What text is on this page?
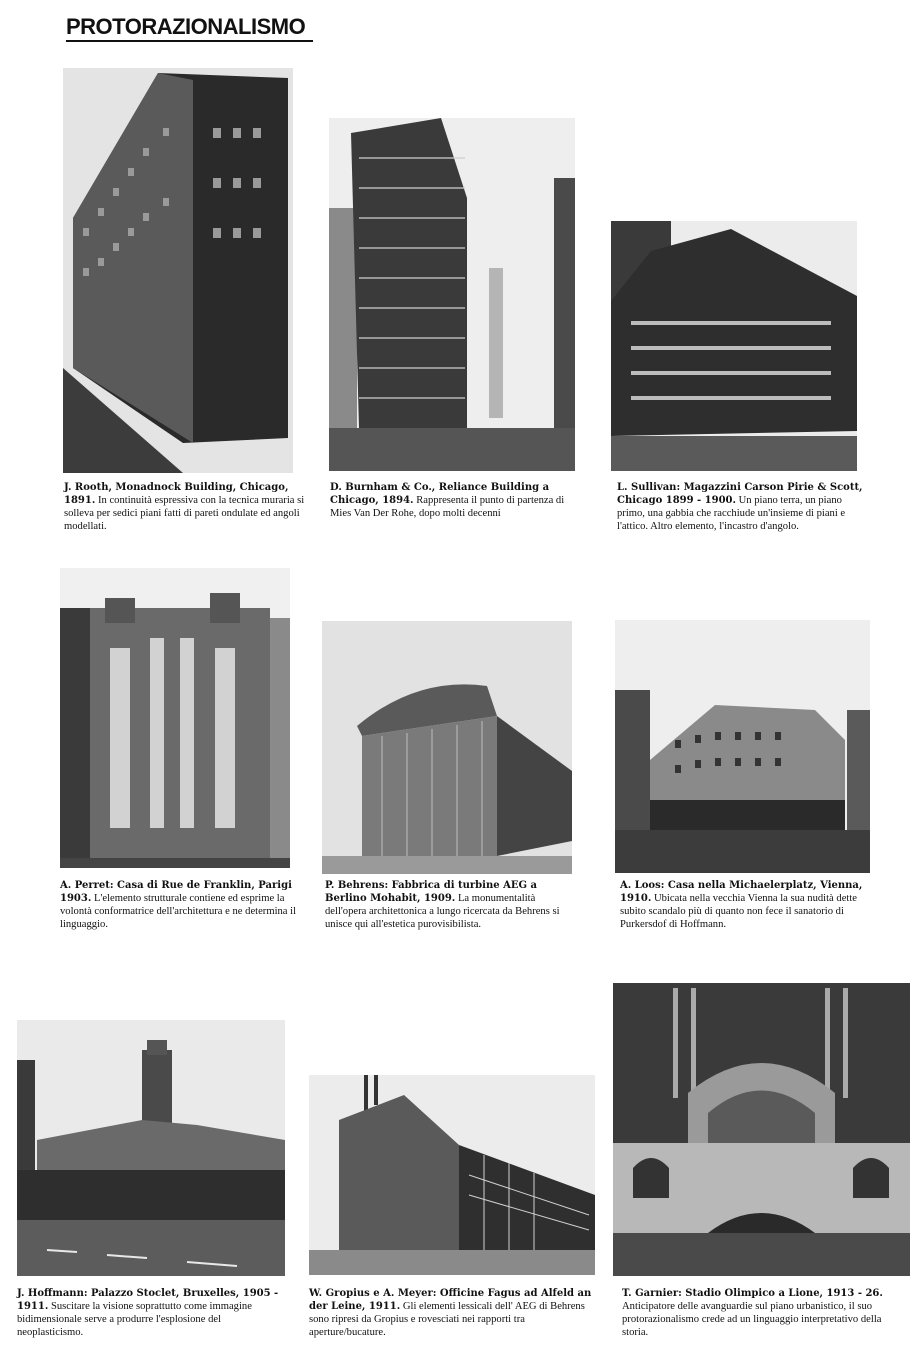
PROTORAZIONALISMO
J. Rooth, Monadnock Building, Chicago, 1891. In continuità espressiva con la tecnica muraria si solleva per sedici piani fatti di pareti ondulate ed angoli modellati.
D. Burnham & Co., Reliance Building a Chicago, 1894. Rappresenta il punto di partenza di Mies Van Der Rohe, dopo molti decenni
L. Sullivan: Magazzini Carson Pirie & Scott, Chicago 1899 - 1900. Un piano terra, un piano primo, una gabbia che racchiude un'insieme di piani e l'attico. Altro elemento, l'incastro d'angolo.
A. Perret: Casa di Rue de Franklin, Parigi 1903. L'elemento strutturale contiene ed esprime la volontà conformatrice dell'architettura e ne determina il linguaggio.
P. Behrens: Fabbrica di turbine AEG a Berlino Mohabit, 1909. La monumentalità dell'opera architettonica a lungo ricercata da Behrens si unisce qui all'estetica purovisibilista.
A. Loos: Casa nella Michaelerplatz, Vienna, 1910. Ubicata nella vecchia Vienna la sua nudità dette subito scandalo più di quanto non fece il sanatorio di Purkersdof di Hoffmann.
J. Hoffmann: Palazzo Stoclet, Bruxelles, 1905 - 1911. Suscitare la visione soprattutto come immagine bidimensionale serve a produrre l'esplosione del neoplasticismo.
W. Gropius e A. Meyer: Officine Fagus ad Alfeld an der Leine, 1911. Gli elementi lessicali dell' AEG di Behrens sono ripresi da Gropius e rovesciati nei rapporti tra aperture/bucature.
T. Garnier: Stadio Olimpico a Lione, 1913 - 26. Anticipatore delle avanguardie sul piano urbanistico, il suo protorazionalismo crede ad un linguaggio interpretativo della storia.
